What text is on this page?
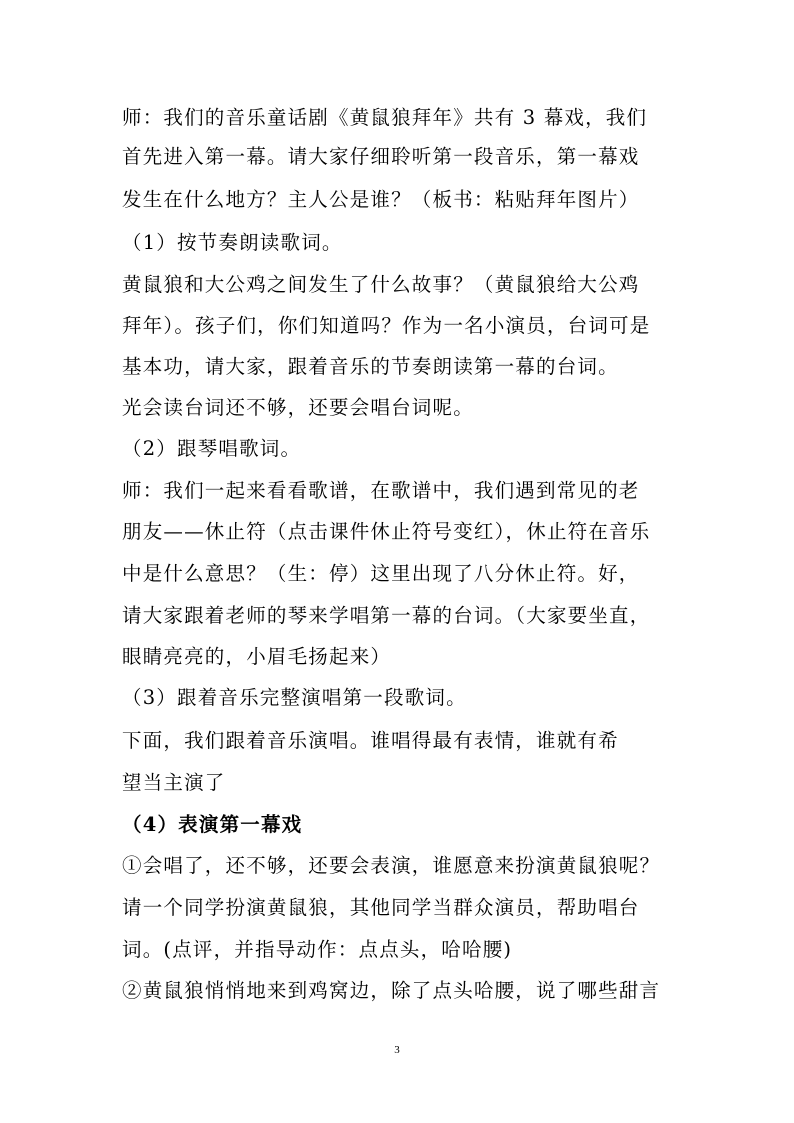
师：我们的音乐童话剧《黄鼠狼拜年》共有 3 幕戏，我们
首先进入第一幕。请大家仔细聆听第一段音乐，第一幕戏
发生在什么地方？主人公是谁？（板书：粘贴拜年图片）
（1）按节奏朗读歌词。
黄鼠狼和大公鸡之间发生了什么故事？（黄鼠狼给大公鸡
拜年）。孩子们，你们知道吗？作为一名小演员，台词可是
基本功，请大家，跟着音乐的节奏朗读第一幕的台词。
光会读台词还不够，还要会唱台词呢。
（2）跟琴唱歌词。
师：我们一起来看看歌谱，在歌谱中，我们遇到常见的老
朋友——休止符（点击课件休止符号变红），休止符在音乐
中是什么意思？（生：停）这里出现了八分休止符。好，
请大家跟着老师的琴来学唱第一幕的台词。（大家要坐直，
眼睛亮亮的，小眉毛扬起来）
（3）跟着音乐完整演唱第一段歌词。
下面，我们跟着音乐演唱。谁唱得最有表情，谁就有希
望当主演了
（4）表演第一幕戏
①会唱了，还不够，还要会表演，谁愿意来扮演黄鼠狼呢？
请一个同学扮演黄鼠狼，其他同学当群众演员，帮助唱台
词。(点评，并指导动作：点点头，哈哈腰)
②黄鼠狼悄悄地来到鸡窝边，除了点头哈腰，说了哪些甜言
3
